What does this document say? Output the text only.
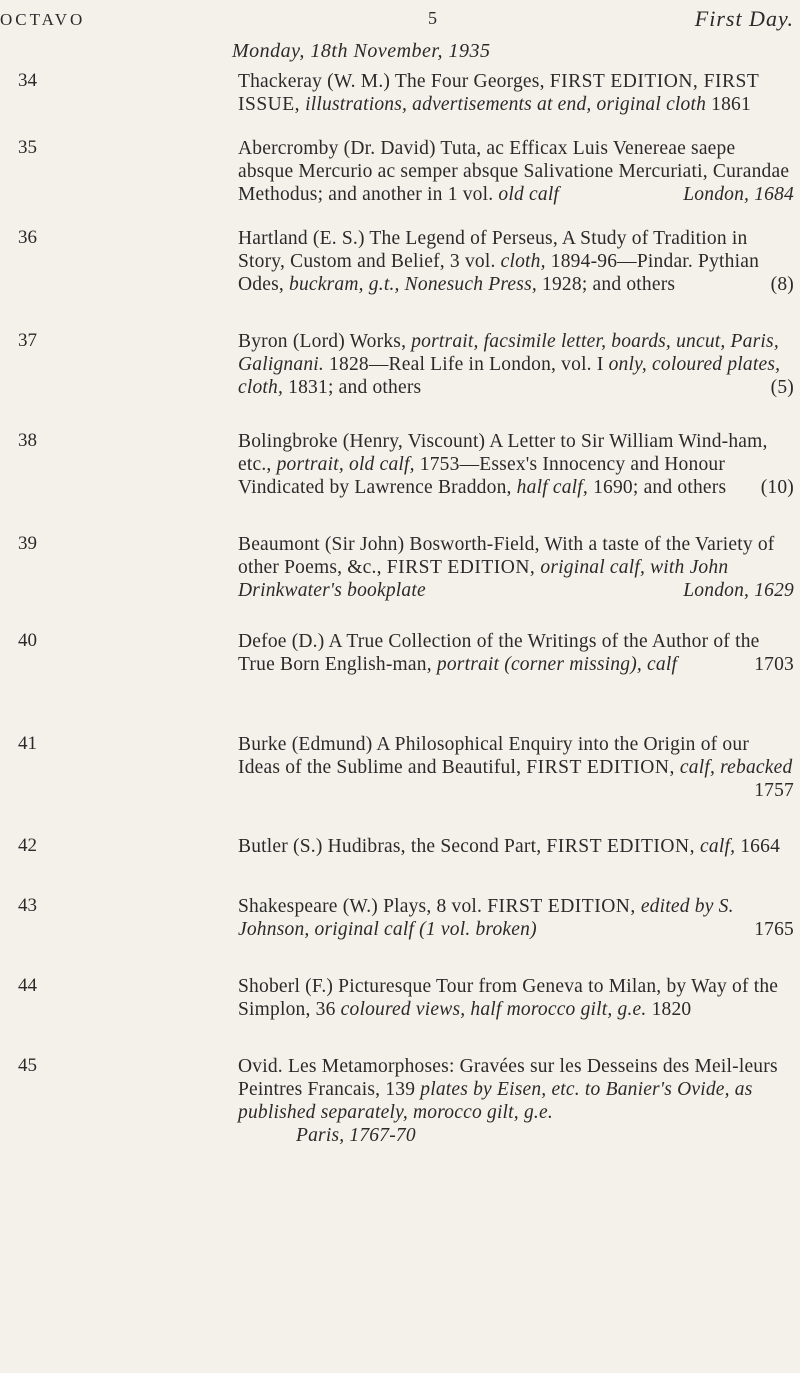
OCTAVO	5	First Day.
Monday, 18th November, 1935
34	Thackeray (W. M.) The Four Georges, FIRST EDITION, FIRST ISSUE, illustrations, advertisements at end, original cloth 1861
35	Abercromby (Dr. David) Tuta, ac Efficax Luis Venereae saepe absque Mercurio ac semper absque Salivatione Mercuriati, Curandae Methodus; and another in 1 vol. old calf	London, 1684
36	Hartland (E. S.) The Legend of Perseus, A Study of Tradition in Story, Custom and Belief, 3 vol. cloth, 1894-96—Pindar. Pythian Odes, buckram, g.t., Nonesuch Press, 1928; and others	(8)
37	Byron (Lord) Works, portrait, facsimile letter, boards, uncut, Paris, Galignani. 1828—Real Life in London, vol. I only, coloured plates, cloth, 1831; and others	(5)
38	Bolingbroke (Henry, Viscount) A Letter to Sir William Wind-ham, etc., portrait, old calf, 1753—Essex's Innocency and Honour Vindicated by Lawrence Braddon, half calf, 1690; and others (10)
39	Beaumont (Sir John) Bosworth-Field, With a taste of the Variety of other Poems, &c., FIRST EDITION, original calf, with John Drinkwater's bookplate	London, 1629
40	Defoe (D.) A True Collection of the Writings of the Author of the True Born English-man, portrait (corner missing), calf	1703
41	Burke (Edmund) A Philosophical Enquiry into the Origin of our Ideas of the Sublime and Beautiful, FIRST EDITION, calf, rebacked
1757
42	Butler (S.) Hudibras, the Second Part, FIRST EDITION, calf, 1664
43	Shakespeare (W.) Plays, 8 vol. FIRST EDITION, edited by S. Johnson, original calf (1 vol. broken)	1765
44	Shoberl (F.) Picturesque Tour from Geneva to Milan, by Way of the Simplon, 36 coloured views, half morocco gilt, g.e. 1820
45	Ovid. Les Metamorphoses: Gravées sur les Desseins des Meil-leurs Peintres Francais, 139 plates by Eisen, etc. to Banier's Ovide, as published separately, morocco gilt, g.e.
Paris, 1767-70
